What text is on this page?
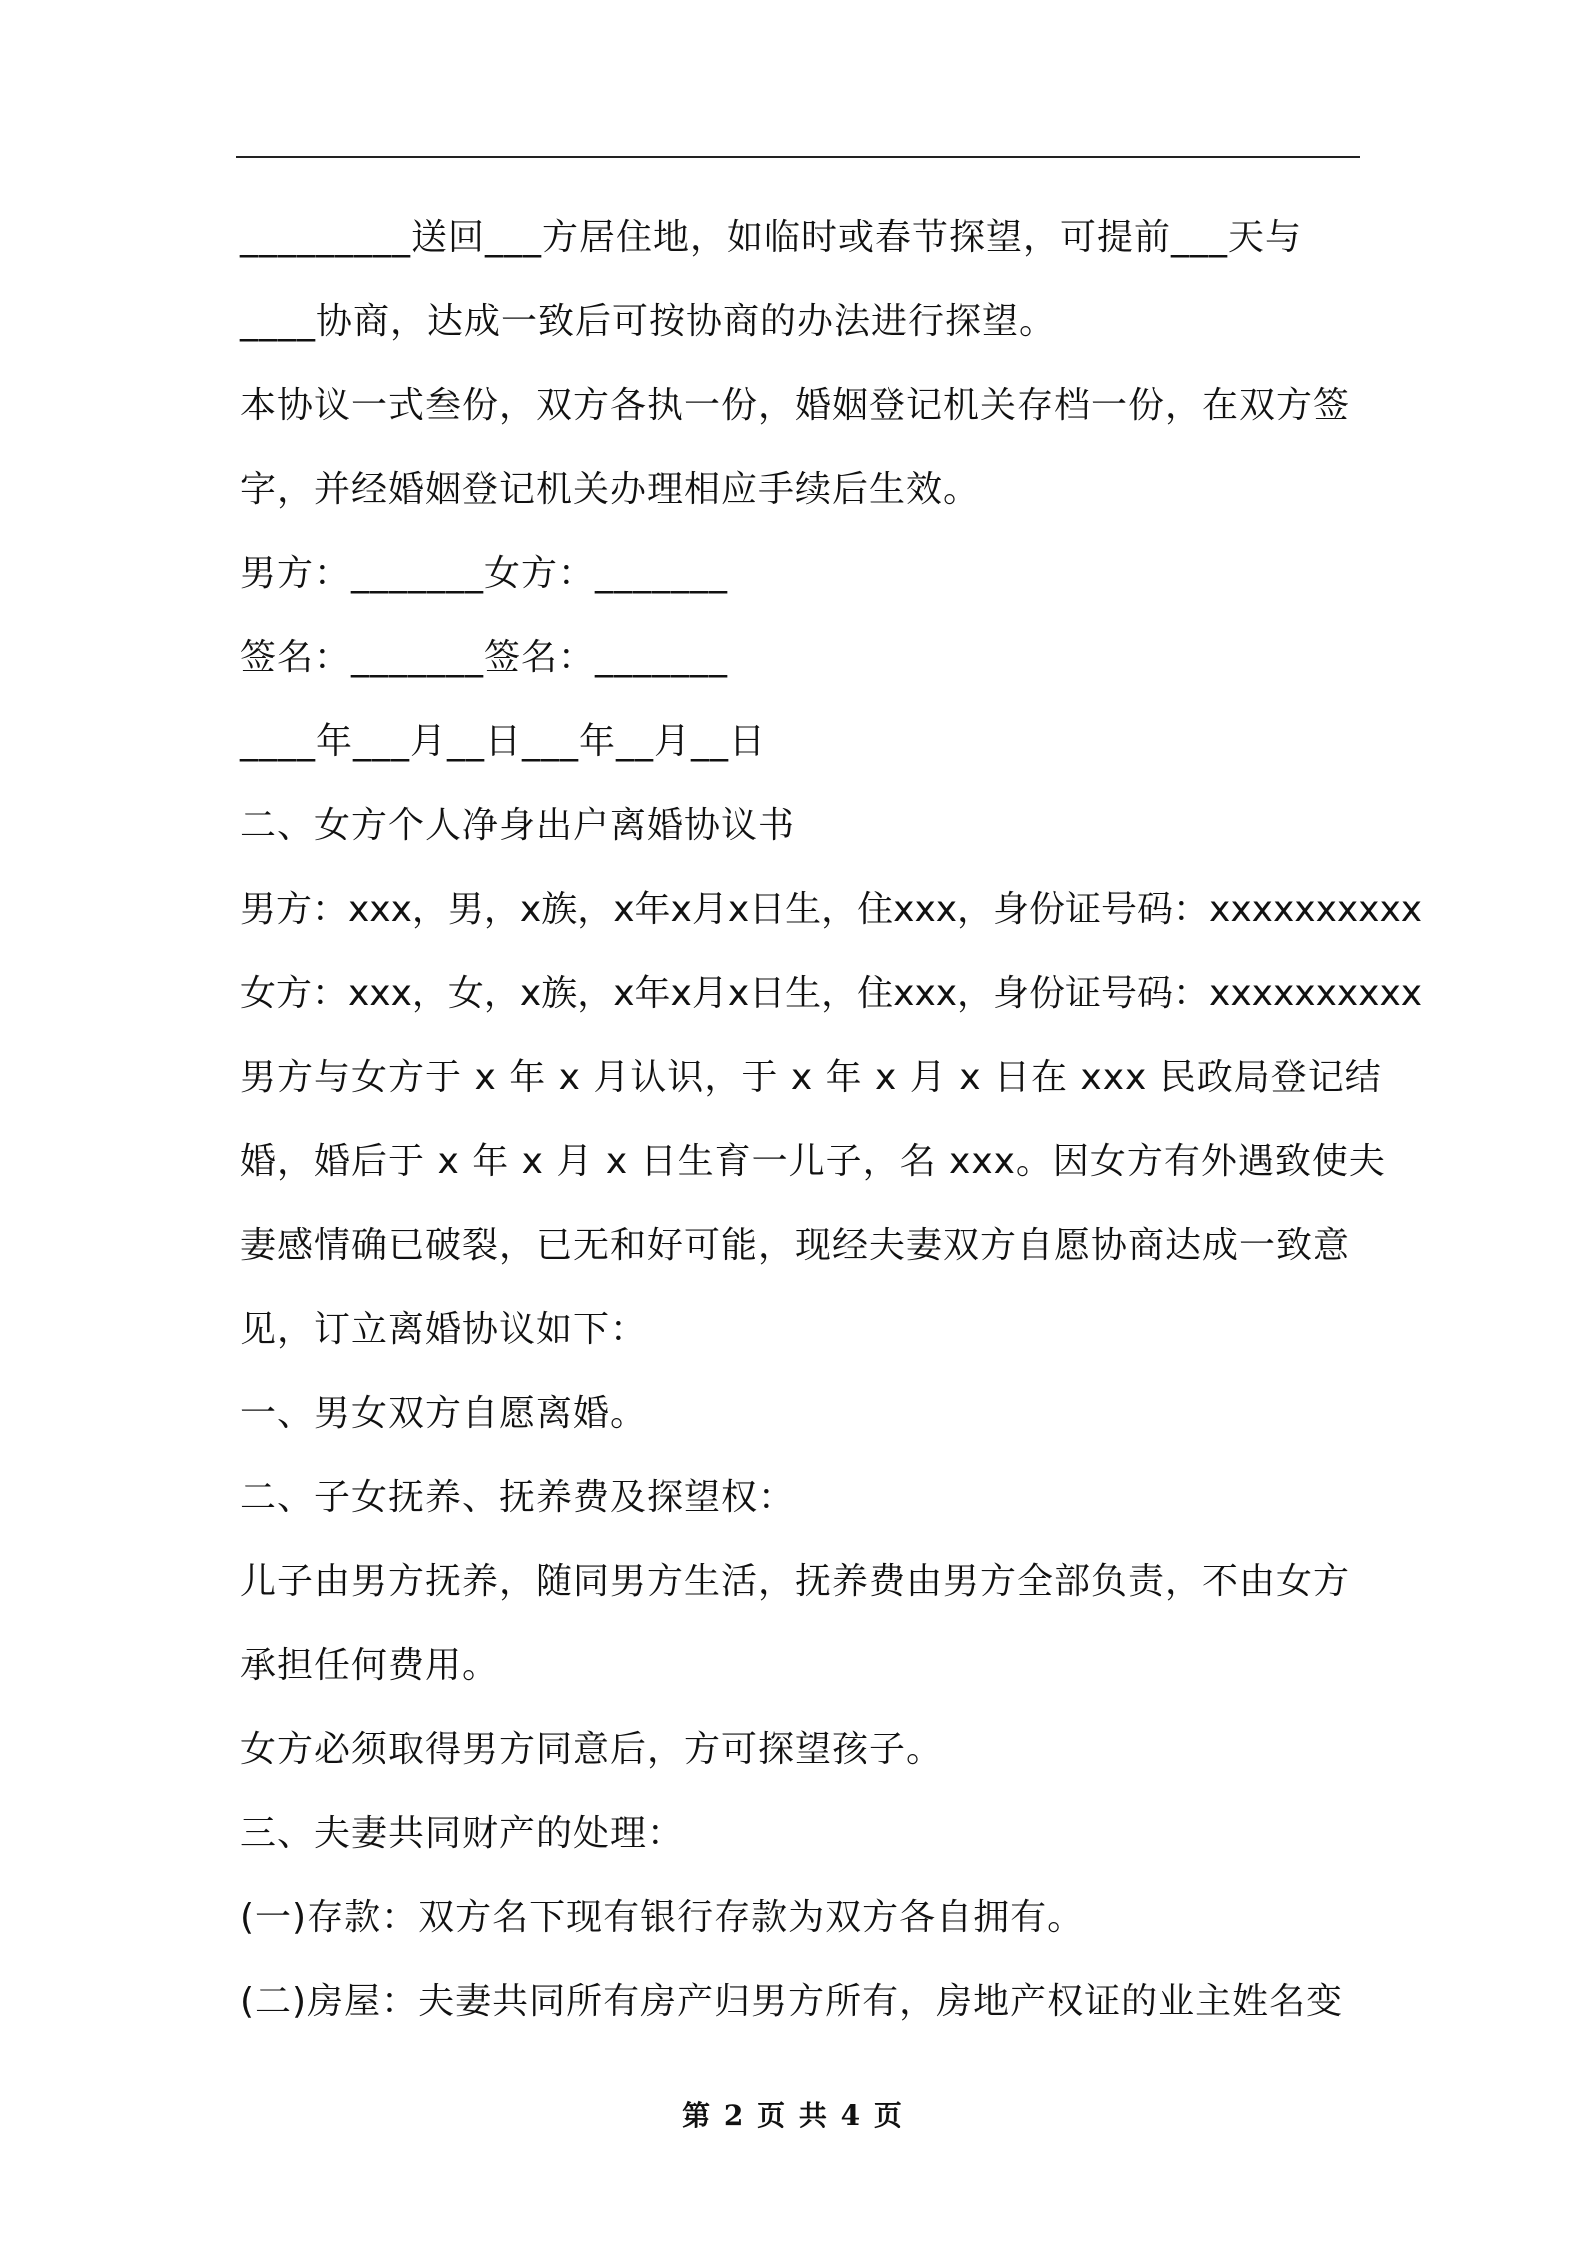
_________送回___方居住地，如临时或春节探望，可提前___天与
____协商，达成一致后可按协商的办法进行探望。
本协议一式叁份，双方各执一份，婚姻登记机关存档一份，在双方签
字，并经婚姻登记机关办理相应手续后生效。
男方：_______女方：_______
签名：_______签名：_______
____年___月__日___年__月__日
二、女方个人净身出户离婚协议书
男方：xxx，男，x族，x年x月x日生，住xxx，身份证号码：xxxxxxxxxx
女方：xxx，女，x族，x年x月x日生，住xxx，身份证号码：xxxxxxxxxx
男方与女方于 x 年 x 月认识，于 x 年 x 月 x 日在 xxx 民政局登记结
婚，婚后于 x 年 x 月 x 日生育一儿子，名 xxx。因女方有外遇致使夫
妻感情确已破裂，已无和好可能，现经夫妻双方自愿协商达成一致意
见，订立离婚协议如下：
一、男女双方自愿离婚。
二、子女抚养、抚养费及探望权：
儿子由男方抚养，随同男方生活，抚养费由男方全部负责，不由女方
承担任何费用。
女方必须取得男方同意后，方可探望孩子。
三、夫妻共同财产的处理：
(一)存款：双方名下现有银行存款为双方各自拥有。
(二)房屋：夫妻共同所有房产归男方所有，房地产权证的业主姓名变
第 2 页 共 4 页
